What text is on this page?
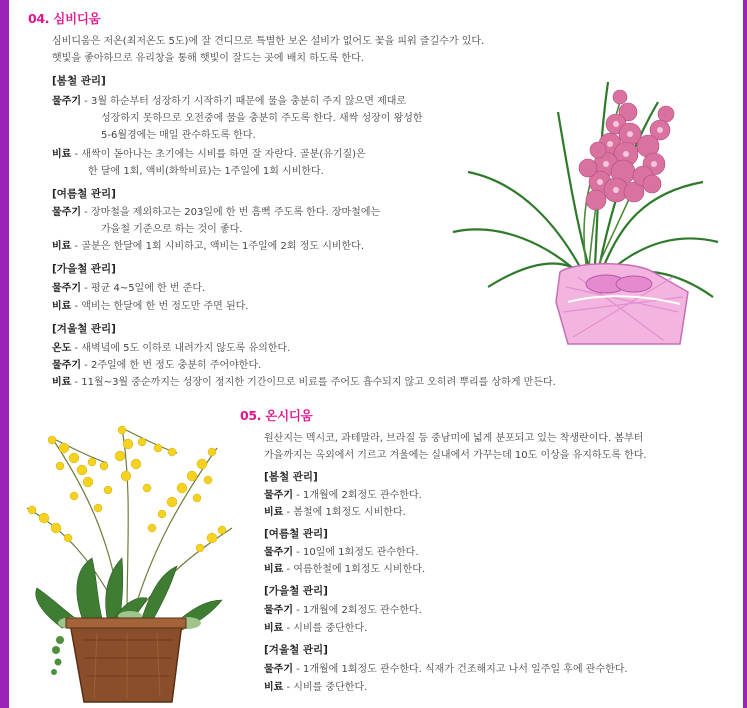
04. 심비디움
심비디움은 저온(최저온도 5도)에 잘 견디므로 특별한 보온 설비가 없어도 꽃을 피워 즐길수가 있다.
햇빛을 좋아하므로 유리창을 통해 햇빛이 잘드는 곳에 배치 하도록 한다.
[봄철 관리]
물주기 - 3월 하순부터 성장하기 시작하기 때문에 물을 충분히 주지 않으면 제대로
성장하지 못하므로 오전중에 물을 충분히 주도록 한다. 새싹 성장이 왕성한
5-6월경에는 매일 관수하도록 한다.
비료 - 새싹이 돋아나는 초기에는 시비를 하면 잘 자란다. 골분(유기질)은
한 달에 1회, 액비(화학비료)는 1주일에 1회 시비한다.
[여름철 관리]
물주기 - 장마철을 제외하고는 203일에 한 번 흠뻑 주도록 한다. 장마철에는
가을철 기준으로 하는 것이 좋다.
비료 - 골분은 한달에 1회 시비하고, 액비는 1주일에 2회 정도 시비한다.
[가을철 관리]
물주기 - 평균 4~5일에 한 번 준다.
비료 - 액비는 한달에 한 번 정도만 주면 된다.
[겨울철 관리]
온도 - 새벽녘에 5도 이하로 내려가지 않도록 유의한다.
물주기 - 2주일에 한 번 정도 충분히 주어야한다.
비료 - 11월~3월 중순까지는 성장이 정지한 기간이므로 비료를 주어도 흡수되지 않고 오히려 뿌리를 상하게 만든다.
05. 온시디움
원산지는 멕시코, 과테말라, 브라질 등 중남미에 넓게 분포되고 있는 착생란이다. 봄부터
가을까지는 옥외에서 기르고 겨울에는 실내에서 가꾸는데 10도 이상을 유지하도록 한다.
[봄철 관리]
물주기 - 1개월에 2회정도 관수한다.
비료 - 봄철에 1회정도 시비한다.
[여름철 관리]
물주기 - 10일에 1회정도 관수한다.
비료 - 여름한철에 1회정도 시비한다.
[가을철 관리]
물주기 - 1개월에 2회정도 관수한다.
비료 - 시비를 중단한다.
[겨울철 관리]
물주기 - 1개월에 1회정도 관수한다. 식재가 건조해지고 나서 일주일 후에 관수한다.
비료 - 시비를 중단한다.
